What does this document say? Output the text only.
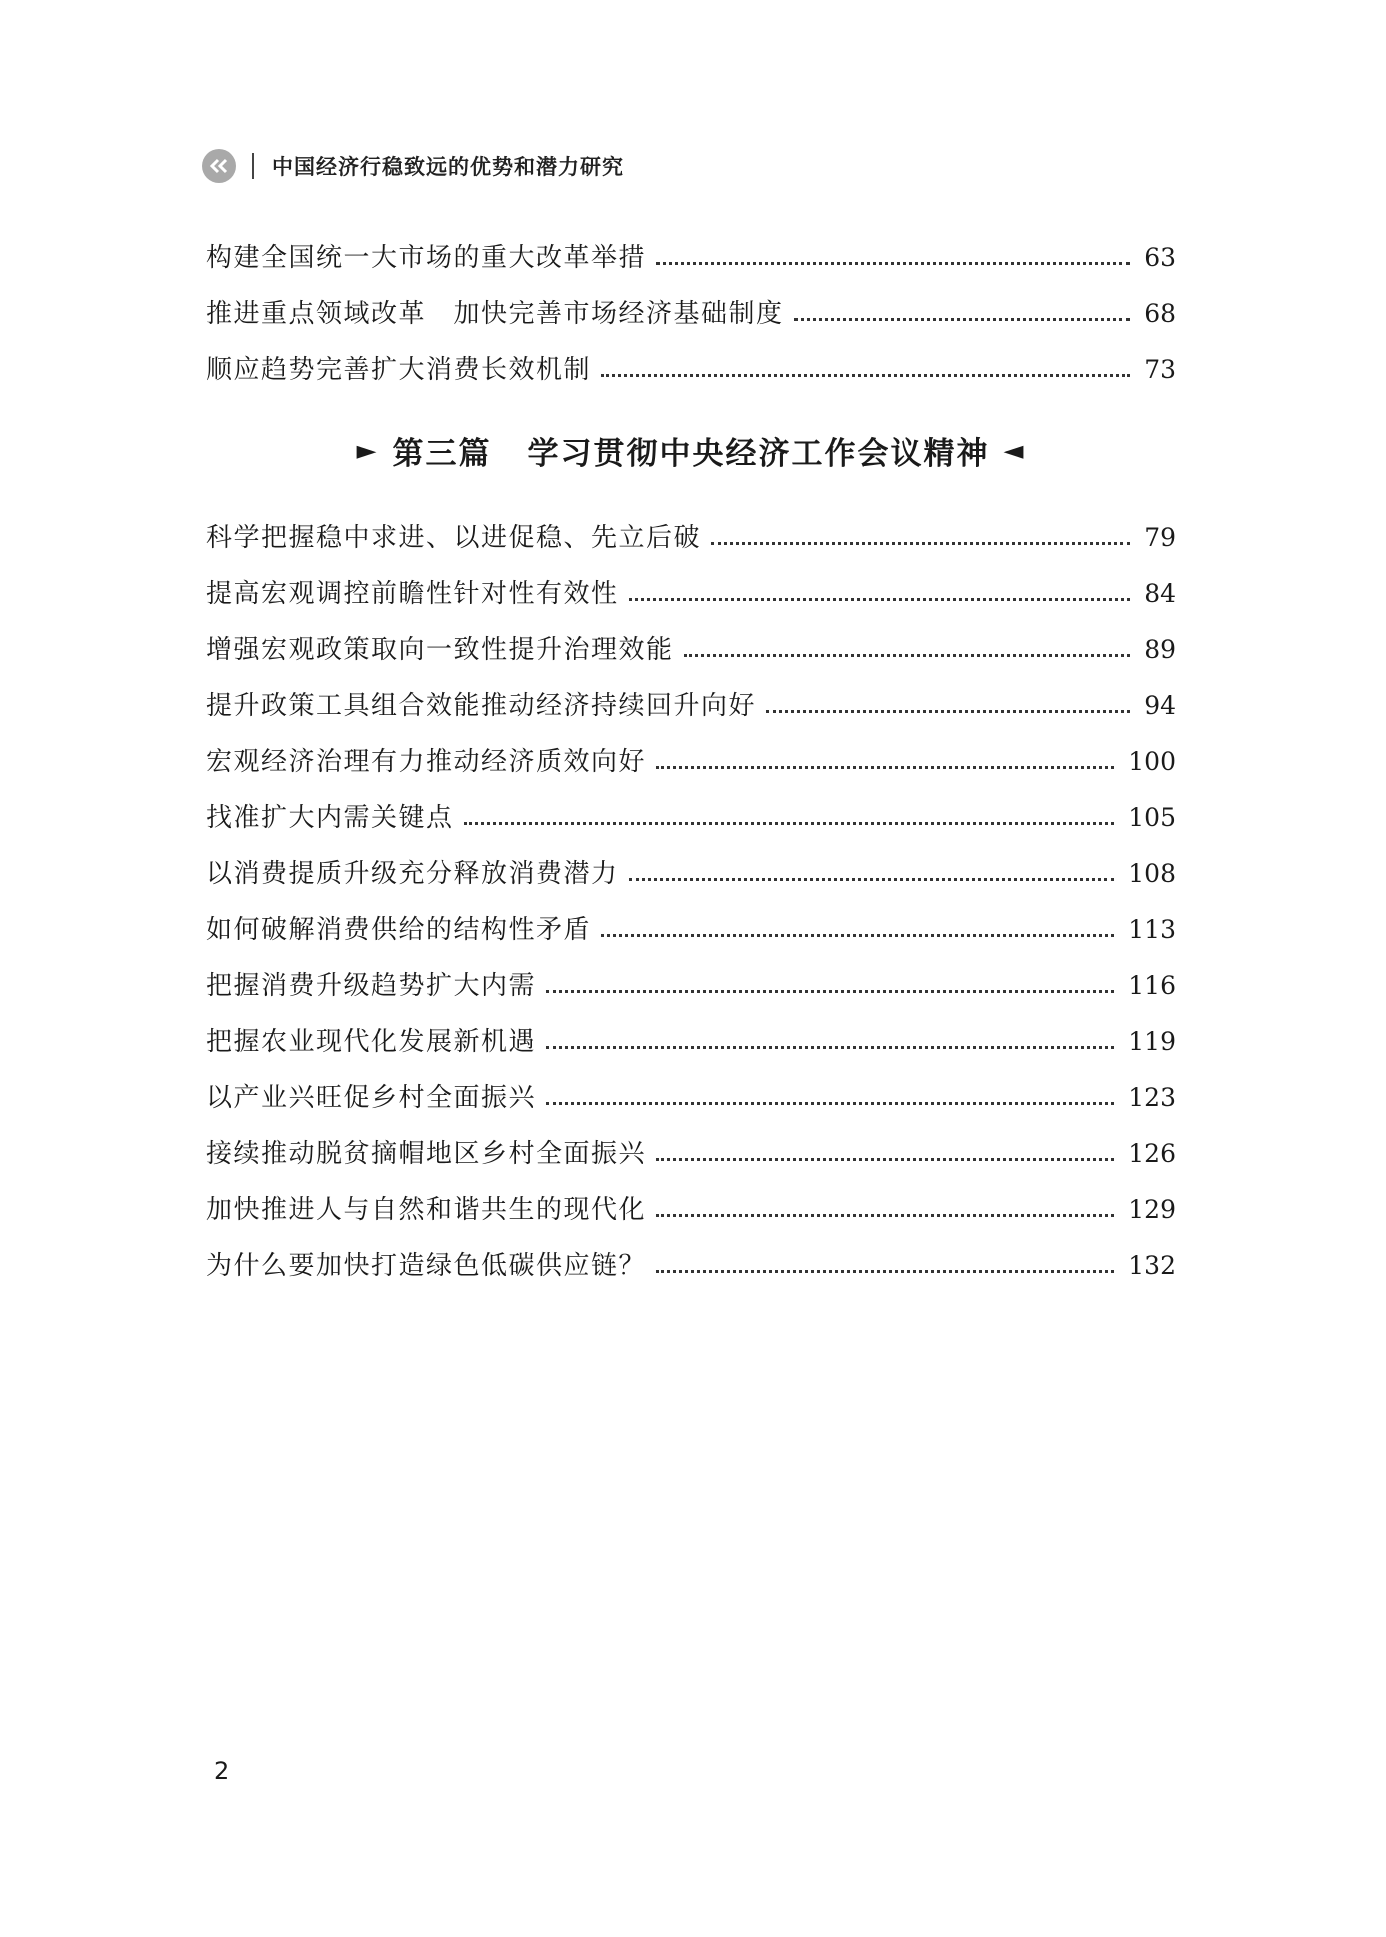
中国经济行稳致远的优势和潜力研究
构建全国统一大市场的重大改革举措	63
推进重点领域改革　加快完善市场经济基础制度	68
顺应趋势完善扩大消费长效机制	73
► 第三篇 学习贯彻中央经济工作会议精神 ◄
科学把握稳中求进、以进促稳、先立后破	79
提高宏观调控前瞻性针对性有效性	84
增强宏观政策取向一致性提升治理效能	89
提升政策工具组合效能推动经济持续回升向好	94
宏观经济治理有力推动经济质效向好	100
找准扩大内需关键点	105
以消费提质升级充分释放消费潜力	108
如何破解消费供给的结构性矛盾	113
把握消费升级趋势扩大内需	116
把握农业现代化发展新机遇	119
以产业兴旺促乡村全面振兴	123
接续推动脱贫摘帽地区乡村全面振兴	126
加快推进人与自然和谐共生的现代化	129
为什么要加快打造绿色低碳供应链？	132
2
